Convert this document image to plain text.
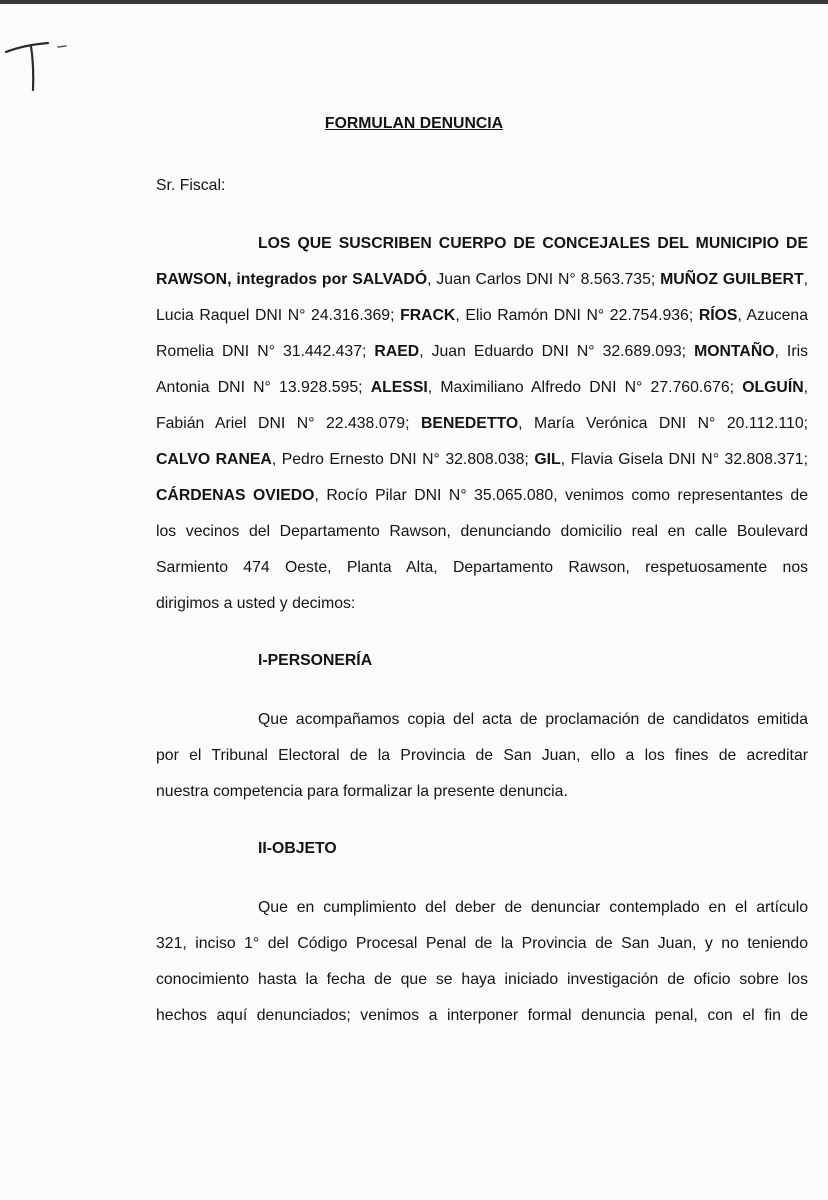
FORMULAN DENUNCIA
Sr. Fiscal:
LOS QUE SUSCRIBEN CUERPO DE CONCEJALES DEL MUNICIPIO DE
RAWSON, integrados por SALVADÓ, Juan Carlos DNI N° 8.563.735; MUÑOZ GUILBERT,
Lucia Raquel DNI N° 24.316.369; FRACK, Elio Ramón DNI N° 22.754.936; RÍOS, Azucena
Romelia DNI N° 31.442.437; RAED, Juan Eduardo DNI N° 32.689.093; MONTAÑO, Iris
Antonia DNI N° 13.928.595; ALESSI, Maximiliano Alfredo DNI N° 27.760.676; OLGUÍN,
Fabián Ariel DNI N° 22.438.079; BENEDETTO, María Verónica DNI N° 20.112.110;
CALVO RANEA, Pedro Ernesto DNI N° 32.808.038; GIL, Flavia Gisela DNI N° 32.808.371;
CÁRDENAS OVIEDO, Rocío Pilar DNI N° 35.065.080, venimos como representantes de
los vecinos del Departamento Rawson, denunciando domicilio real en calle Boulevard
Sarmiento 474 Oeste, Planta Alta, Departamento Rawson, respetuosamente nos
dirigimos a usted y decimos:
I-PERSONERÍA
Que acompañamos copia del acta de proclamación de candidatos emitida
por el Tribunal Electoral de la Provincia de San Juan, ello a los fines de acreditar
nuestra competencia para formalizar la presente denuncia.
II-OBJETO
Que en cumplimiento del deber de denunciar contemplado en el artículo
321, inciso 1° del Código Procesal Penal de la Provincia de San Juan, y no teniendo
conocimiento hasta la fecha de que se haya iniciado investigación de oficio sobre los
hechos aquí denunciados; venimos a interponer formal denuncia penal, con el fin de
